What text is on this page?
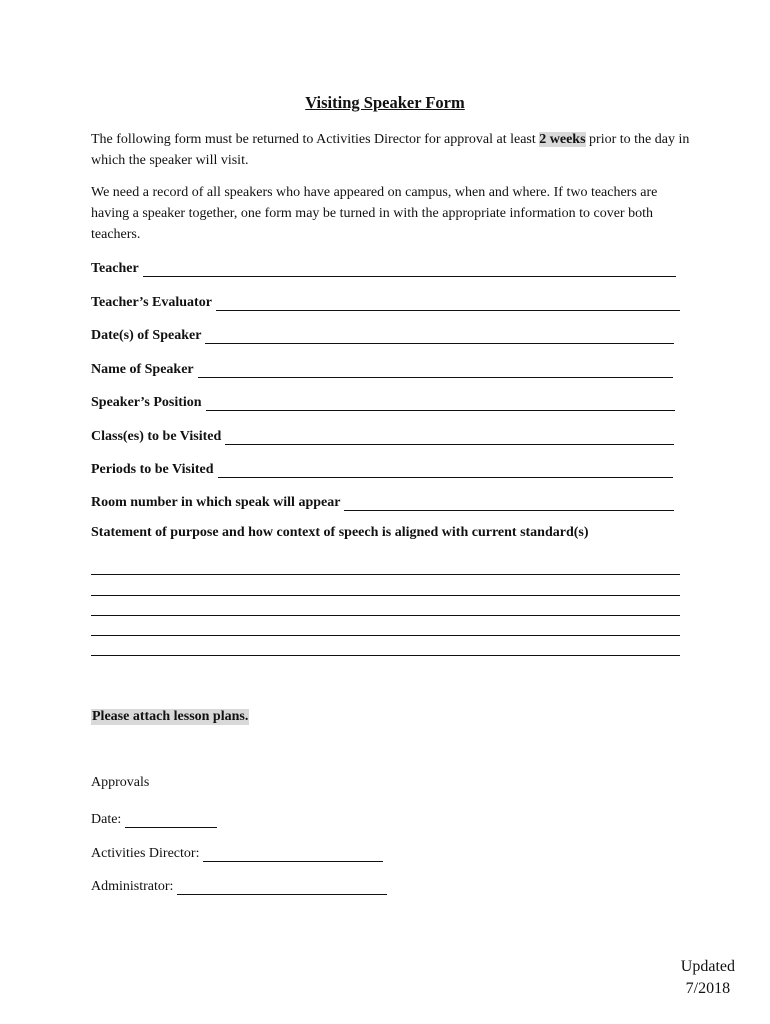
Visiting Speaker Form
The following form must be returned to Activities Director for approval at least 2 weeks prior to the day in which the speaker will visit.
We need a record of all speakers who have appeared on campus, when and where. If two teachers are having a speaker together, one form may be turned in with the appropriate information to cover both teachers.
Teacher
Teacher’s Evaluator
Date(s) of Speaker
Name of Speaker
Speaker’s Position
Class(es) to be Visited
Periods to be Visited
Room number in which speak will appear
Statement of purpose and how context of speech is aligned with current standard(s)
Please attach lesson plans.
Approvals
Date:
Activities Director:
Administrator:
Updated
7/2018
